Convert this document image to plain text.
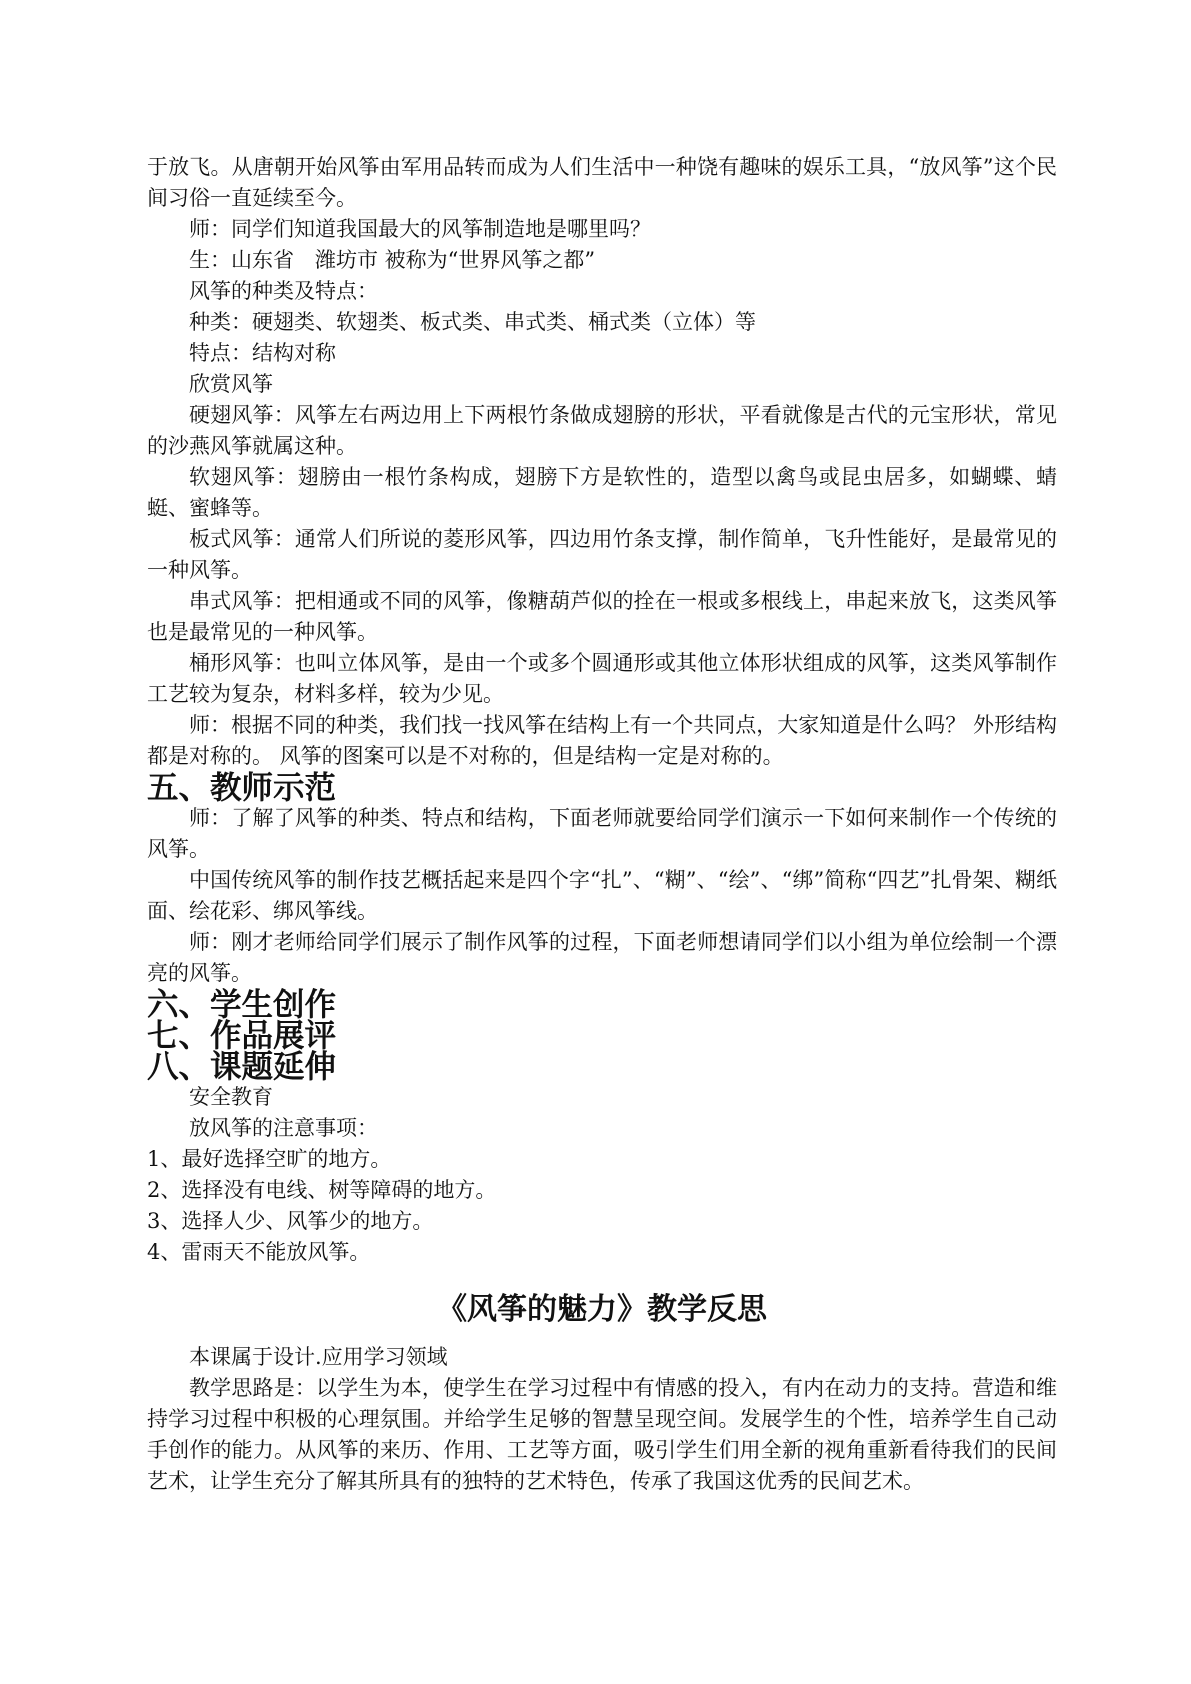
于放飞。从唐朝开始风筝由军用品转而成为人们生活中一种饶有趣味的娱乐工具，“放风筝”这个民间习俗一直延续至今。

师：同学们知道我国最大的风筝制造地是哪里吗？

生：山东省　潍坊市 被称为“世界风筝之都”

风筝的种类及特点：

种类：硬翅类、软翅类、板式类、串式类、桶式类（立体）等

特点：结构对称

欣赏风筝

硬翅风筝：风筝左右两边用上下两根竹条做成翅膀的形状，平看就像是古代的元宝形状，常见的沙燕风筝就属这种。

软翅风筝：翅膀由一根竹条构成，翅膀下方是软性的，造型以禽鸟或昆虫居多，如蝴蝶、蜻蜓、蜜蜂等。

板式风筝：通常人们所说的菱形风筝，四边用竹条支撑，制作简单，飞升性能好，是最常见的一种风筝。

串式风筝：把相通或不同的风筝，像糖葫芦似的拴在一根或多根线上，串起来放飞，这类风筝也是最常见的一种风筝。

桶形风筝：也叫立体风筝，是由一个或多个圆通形或其他立体形状组成的风筝，这类风筝制作工艺较为复杂，材料多样，较为少见。

师：根据不同的种类，我们找一找风筝在结构上有一个共同点，大家知道是什么吗？ 外形结构都是对称的。 风筝的图案可以是不对称的，但是结构一定是对称的。

五、教师示范

师：了解了风筝的种类、特点和结构，下面老师就要给同学们演示一下如何来制作一个传统的风筝。

中国传统风筝的制作技艺概括起来是四个字“扎”、“糊”、“绘”、“绑”简称“四艺”扎骨架、糊纸面、绘花彩、绑风筝线。

师：刚才老师给同学们展示了制作风筝的过程，下面老师想请同学们以小组为单位绘制一个漂亮的风筝。

六、学生创作
七、作品展评
八、课题延伸

安全教育

放风筝的注意事项：

1、最好选择空旷的地方。

2、选择没有电线、树等障碍的地方。

3、选择人少、风筝少的地方。

4、雷雨天不能放风筝。

《风筝的魅力》教学反思

本课属于设计.应用学习领域

教学思路是：以学生为本，使学生在学习过程中有情感的投入，有内在动力的支持。营造和维持学习过程中积极的心理氛围。并给学生足够的智慧呈现空间。发展学生的个性，培养学生自己动手创作的能力。从风筝的来历、作用、工艺等方面，吸引学生们用全新的视角重新看待我们的民间艺术，让学生充分了解其所具有的独特的艺术特色，传承了我国这优秀的民间艺术。
